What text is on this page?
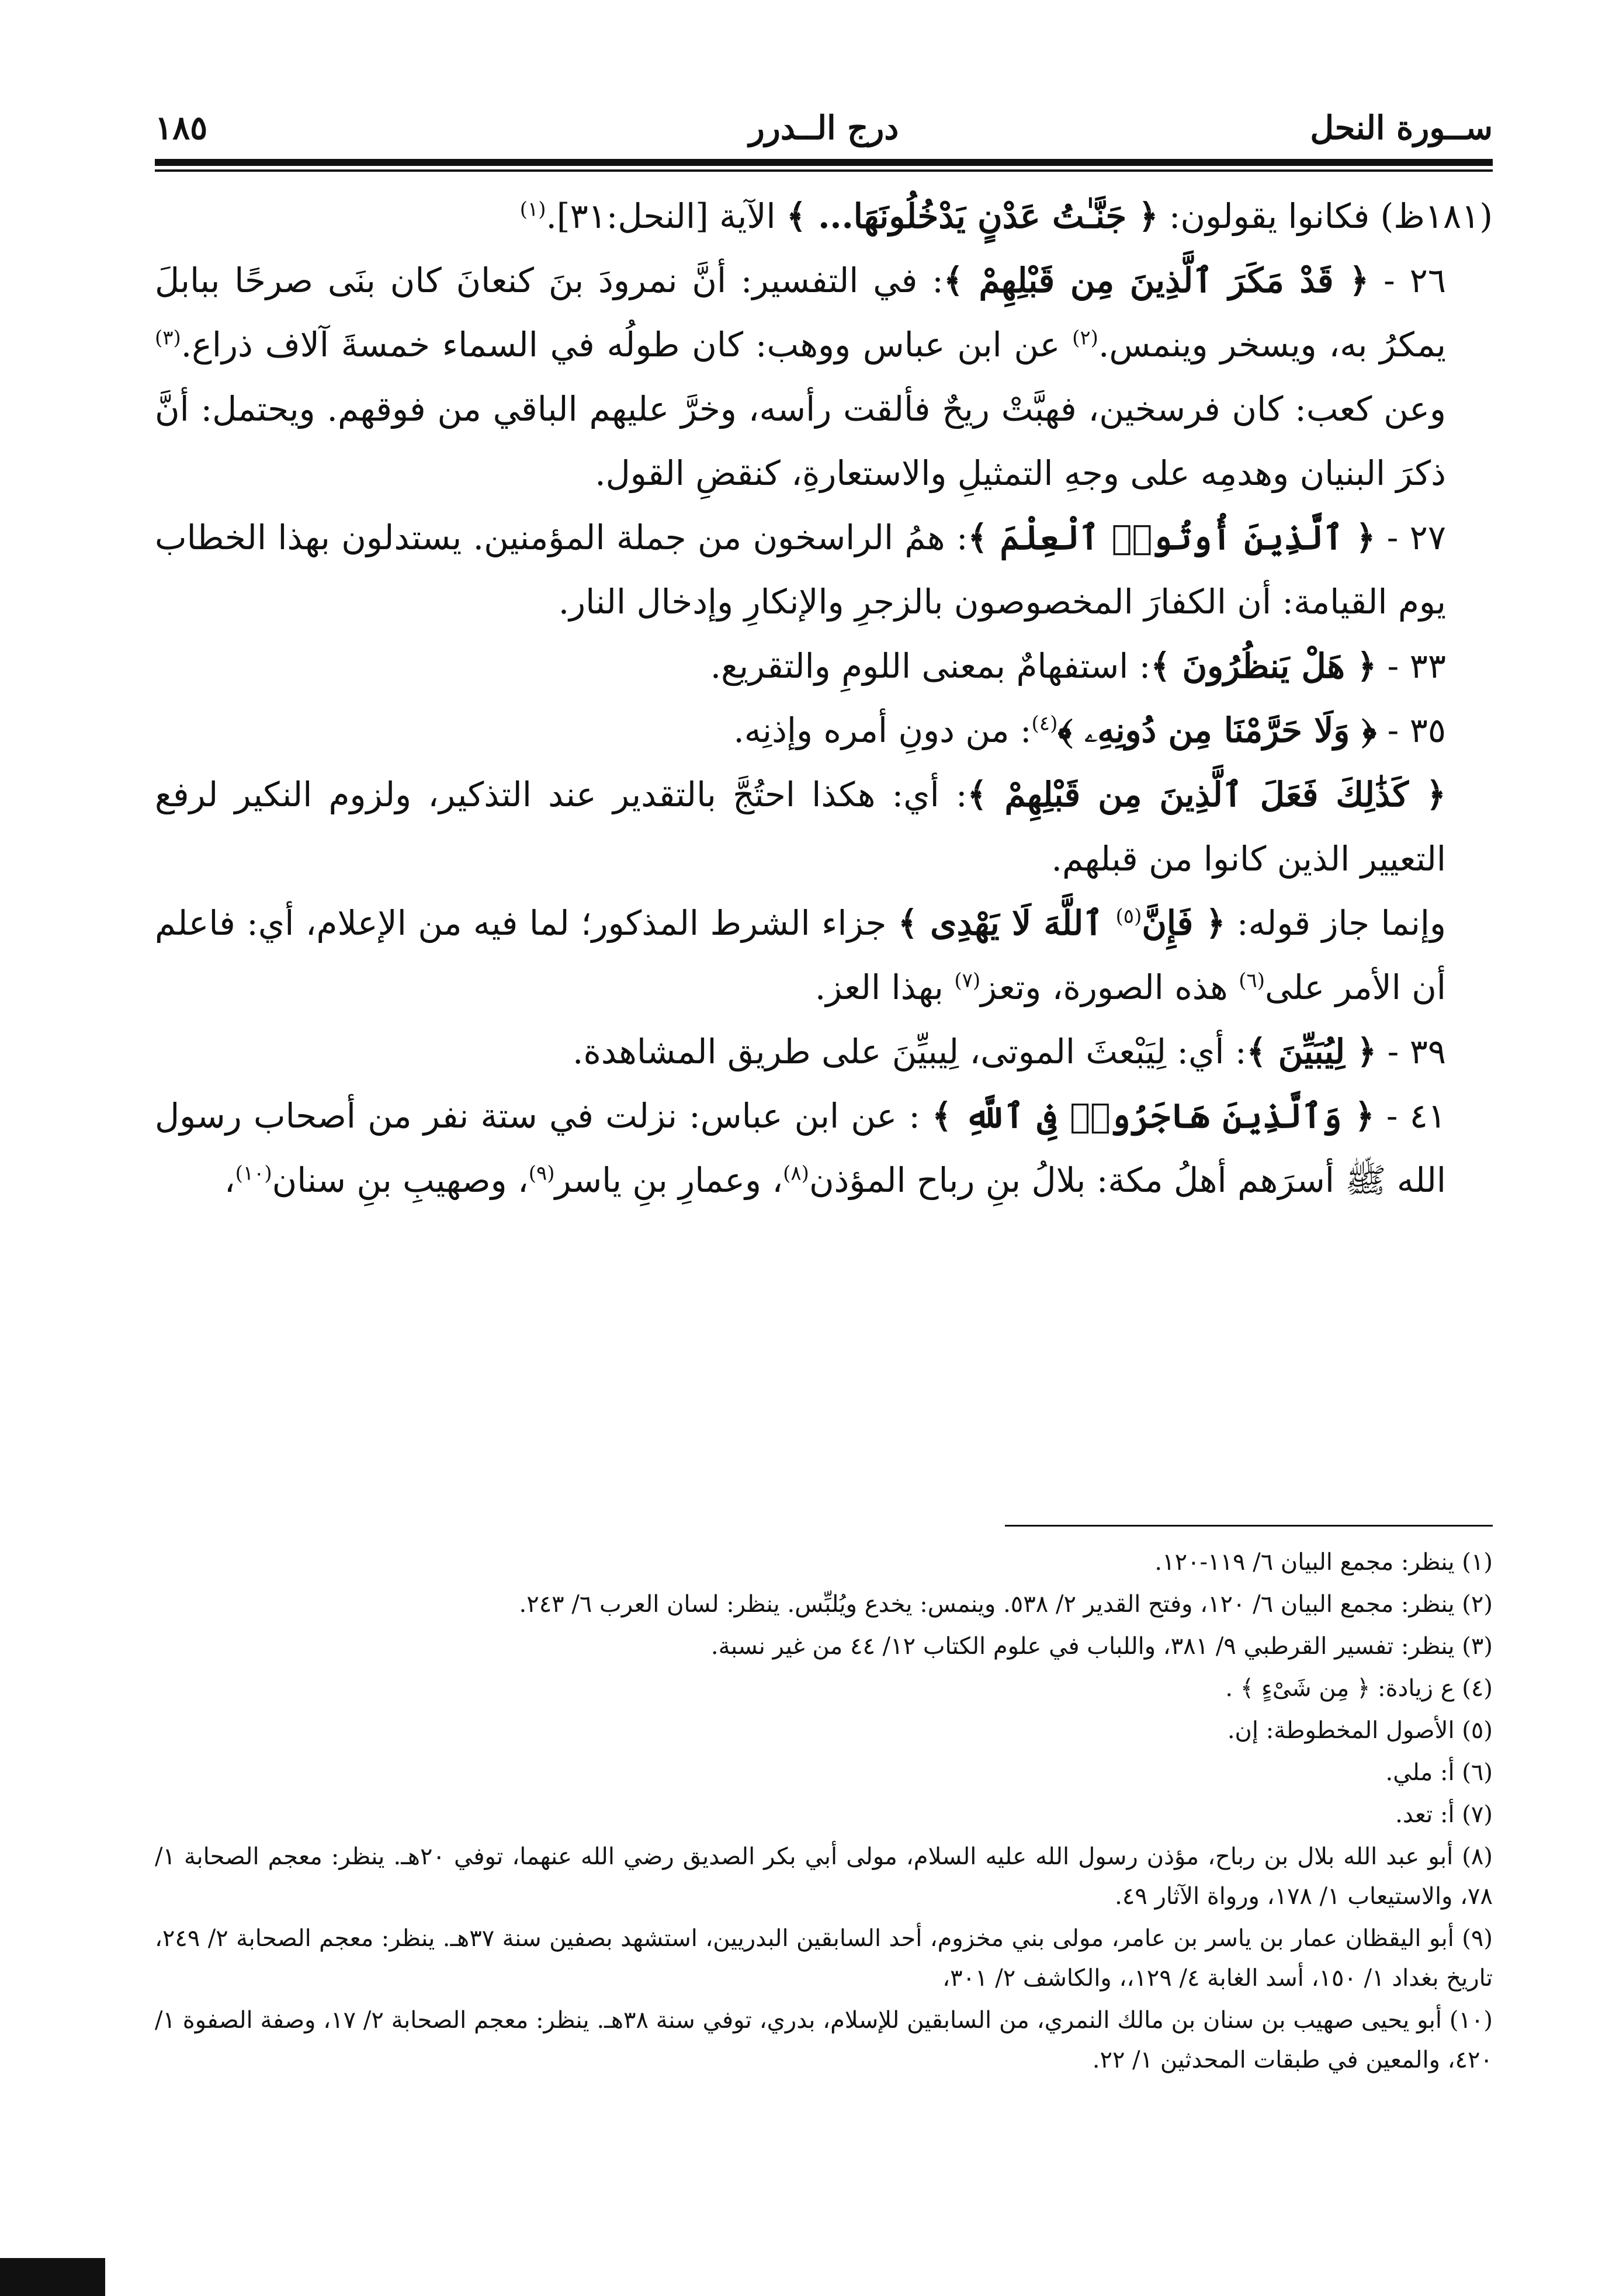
ســورة النحل
درج الــدرر
١٨٥

(١٨١ظ) فكانوا يقولون: ﴿ جَنَّـٰتُ عَدْنٍ يَدْخُلُونَهَا... ﴾ الآية [النحل:٣١].$^{(١)}$

٢٦ - ﴿ قَدْ مَكَرَ ٱلَّذِينَ مِن قَبْلِهِمْ ﴾: في التفسير: أنَّ نمرودَ بنَ كنعانَ كان بنَى صرحًا ببابلَ يمكرُ به، ويسخر وينمس.$^{(٢)}$ عن ابن عباس ووهب: كان طولُه في السماء خمسةَ آلاف ذراع.$^{(٣)}$ وعن كعب: كان فرسخين، فهبَّتْ ريحٌ فألقت رأسه، وخرَّ عليهم الباقي من فوقهم. ويحتمل: أنَّ ذكرَ البنيان وهدمِه على وجهِ التمثيلِ والاستعارةِ، كنقضِ القول.

٢٧ - ﴿ ٱلَّذِينَ أُوتُوا۟ ٱلْعِلْمَ ﴾: همُ الراسخون من جملة المؤمنين. يستدلون بهذا الخطاب يوم القيامة: أن الكفارَ المخصوصون بالزجرِ والإنكارِ وإدخال النار.

٣٣ - ﴿ هَلْ يَنظُرُونَ ﴾: استفهامٌ بمعنى اللومِ والتقريع.

٣٥ - ﴿ وَلَا حَرَّمْنَا مِن دُونِهِۦ ﴾$^{(٤)}$: من دونِ أمره وإذنِه.

﴿ كَذَٰلِكَ فَعَلَ ٱلَّذِينَ مِن قَبْلِهِمْ ﴾: أي: هكذا احتُجَّ بالتقدير عند التذكير، ولزوم النكير لرفع التعيير الذين كانوا من قبلهم.

وإنما جاز قوله: ﴿ فَإِنَّ$^{(٥)}$ ٱللَّهَ لَا يَهْدِى ﴾ جزاء الشرط المذكور؛ لما فيه من الإعلام، أي: فاعلم أن الأمر على$^{(٦)}$ هذه الصورة، وتعز$^{(٧)}$ بهذا العز.

٣٩ - ﴿ لِيُبَيِّنَ ﴾: أي: لِيَبْعثَ الموتى، لِيبيِّنَ على طريق المشاهدة.

٤١ - ﴿ وَٱلَّذِينَ هَاجَرُوا۟ فِى ٱللَّهِ ﴾ : عن ابن عباس: نزلت في ستة نفر من أصحاب رسول الله ﷺ أسرَهم أهلُ مكة: بلالُ بنِ رباح المؤذن$^{(٨)}$، وعمارِ بنِ ياسر$^{(٩)}$، وصهيبِ بنِ سنان$^{(١٠)}$،

(١) ينظر: مجمع البيان ٦/ ١١٩-١٢٠.

(٢) ينظر: مجمع البيان ٦/ ١٢٠، وفتح القدير ٢/ ٥٣٨. وينمس: يخدع ويُلبِّس. ينظر: لسان العرب ٦/ ٢٤٣.

(٣) ينظر: تفسير القرطبي ٩/ ٣٨١، واللباب في علوم الكتاب ١٢/ ٤٤ من غير نسبة.

(٤) ع زيادة: ﴿ مِن شَىْءٍ ﴾ .

(٥) الأصول المخطوطة: إن.

(٦) أ: ملي.

(٧) أ: تعد.

(٨) أبو عبد الله بلال بن رباح، مؤذن رسول الله عليه السلام، مولى أبي بكر الصديق رضي الله عنهما، توفي ٢٠هـ. ينظر: معجم الصحابة ١/ ٧٨، والاستيعاب ١/ ١٧٨، ورواة الآثار ٤٩.

(٩) أبو اليقظان عمار بن ياسر بن عامر، مولى بني مخزوم، أحد السابقين البدريين، استشهد بصفين سنة ٣٧هـ. ينظر: معجم الصحابة ٢/ ٢٤٩، تاريخ بغداد ١/ ١٥٠، أسد الغابة ٤/ ١٢٩،، والكاشف ٢/ ٣٠١،

(١٠) أبو يحيى صهيب بن سنان بن مالك النمري، من السابقين للإسلام، بدري، توفي سنة ٣٨هـ. ينظر: معجم الصحابة ٢/ ١٧، وصفة الصفوة ١/ ٤٢٠، والمعين في طبقات المحدثين ١/ ٢٢.
